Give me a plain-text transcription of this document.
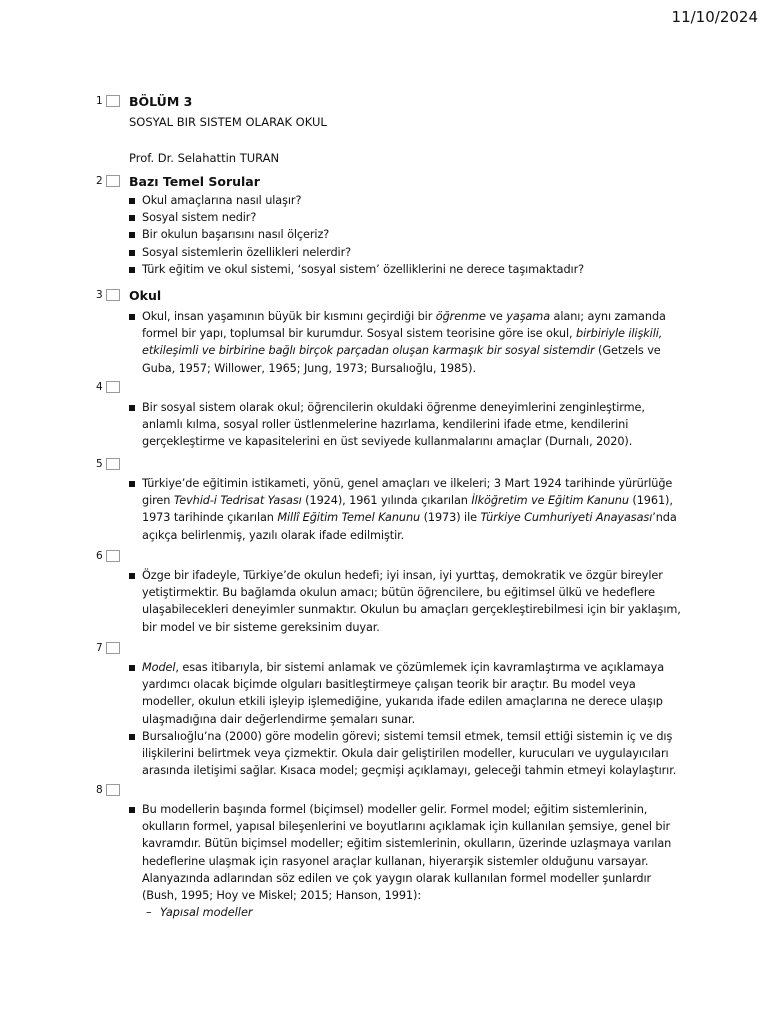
11/10/2024
1 BÖLÜM 3
SOSYAL BIR SISTEM OLARAK OKUL
Prof. Dr. Selahattin TURAN
2 Bazı Temel Sorular
Okul amaçlarına nasıl ulaşır?
Sosyal sistem nedir?
Bir okulun başarısını nasıl ölçeriz?
Sosyal sistemlerin özellikleri nelerdir?
Türk eğitim ve okul sistemi, ‘sosyal sistem’ özelliklerini ne derece taşımaktadır?
3 Okul
Okul, insan yaşamının büyük bir kısmını geçirdiği bir öğrenme ve yaşama alanı; aynı zamanda formel bir yapı, toplumsal bir kurumdur. Sosyal sistem teorisine göre ise okul, birbiriyle ilişkili, etkileşimli ve birbirine bağlı birçok parçadan oluşan karmaşık bir sosyal sistemdir (Getzels ve Guba, 1957; Willower, 1965; Jung, 1973; Bursalıoğlu, 1985).
4
Bir sosyal sistem olarak okul; öğrencilerin okuldaki öğrenme deneyimlerini zenginleştirme, anlamlı kılma, sosyal roller üstlenmelerine hazırlama, kendilerini ifade etme, kendilerini gerçekleştirme ve kapasitelerini en üst seviyede kullanmalarını amaçlar (Durnalı, 2020).
5
Türkiye’de eğitimin istikameti, yönü, genel amaçları ve ilkeleri; 3 Mart 1924 tarihinde yürürlüğe giren Tevhid-i Tedrisat Yasası (1924), 1961 yılında çıkarılan İlköğretim ve Eğitim Kanunu (1961), 1973 tarihinde çıkarılan Millî Eğitim Temel Kanunu (1973) ile Türkiye Cumhuriyeti Anayasası’nda açıkça belirlenmiş, yazılı olarak ifade edilmiştir.
6
Özge bir ifadeyle, Türkiye’de okulun hedefi; iyi insan, iyi yurttaş, demokratik ve özgür bireyler yetiştirmektir. Bu bağlamda okulun amacı; bütün öğrencilere, bu eğitimsel ülkü ve hedeflere ulaşabilecekleri deneyimler sunmaktır. Okulun bu amaçları gerçekleştirebilmesi için bir yaklaşım, bir model ve bir sisteme gereksinim duyar.
7
Model, esas itibarıyla, bir sistemi anlamak ve çözümlemek için kavramlaştırma ve açıklamaya yardımcı olacak biçimde olguları basitleştirmeye çalışan teorik bir araçtır. Bu model veya modeller, okulun etkili işleyip işlemediğine, yukarıda ifade edilen amaçlarına ne derece ulaşıp ulaşmadığına dair değerlendirme şemaları sunar.
Bursalıoğlu’na (2000) göre modelin görevi; sistemi temsil etmek, temsil ettiği sistemin iç ve dış ilişkilerini belirtmek veya çizmektir. Okula dair geliştirilen modeller, kurucuları ve uygulayıcıları arasında iletişimi sağlar. Kısaca model; geçmişi açıklamayı, geleceği tahmin etmeyi kolaylaştırır.
8
Bu modellerin başında formel (biçimsel) modeller gelir. Formel model; eğitim sistemlerinin, okulların formel, yapısal bileşenlerini ve boyutlarını açıklamak için kullanılan şemsiye, genel bir kavramdır. Bütün biçimsel modeller; eğitim sistemlerinin, okulların, üzerinde uzlaşmaya varılan hedeflerine ulaşmak için rasyonel araçlar kullanan, hiyerarşik sistemler olduğunu varsayar. Alanyazında adlarından söz edilen ve çok yaygın olarak kullanılan formel modeller şunlardır (Bush, 1995; Hoy ve Miskel; 2015; Hanson, 1991):
– Yapısal modeller
